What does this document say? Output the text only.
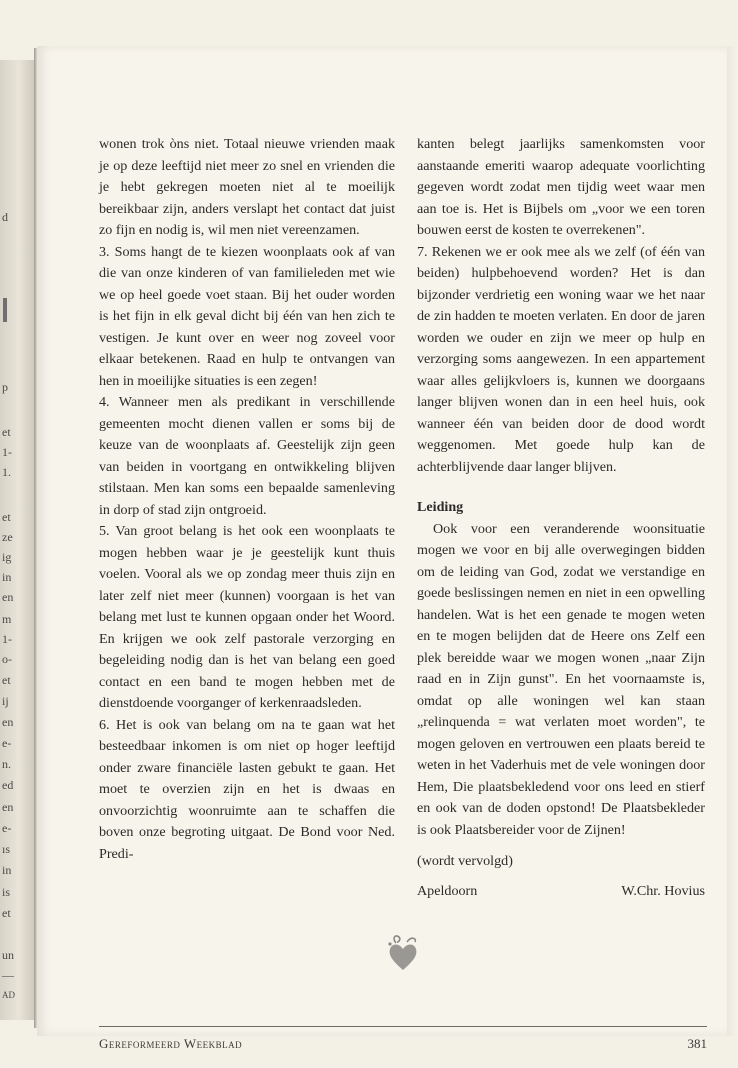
d
p
et
1-
1.
et
ze
ig
in
en
m
1-
o-
et
ij
en
e-
n.
ed
en
e-
ıs
in
is
et
un
—
AD

wonen trok òns niet. Totaal nieuwe vrienden maak je op deze leeftijd niet meer zo snel en vrienden die je hebt gekregen moeten niet al te moeilijk bereikbaar zijn, anders verslapt het contact dat juist zo fijn en nodig is, wil men niet vereenzamen.

3. Soms hangt de te kiezen woonplaats ook af van die van onze kinderen of van familieleden met wie we op heel goede voet staan. Bij het ouder worden is het fijn in elk geval dicht bij één van hen zich te vestigen. Je kunt over en weer nog zoveel voor elkaar betekenen. Raad en hulp te ontvangen van hen in moeilijke situaties is een zegen!

4. Wanneer men als predikant in verschillende gemeenten mocht dienen vallen er soms bij de keuze van de woonplaats af. Geestelijk zijn geen van beiden in voortgang en ontwikkeling blijven stilstaan. Men kan soms een bepaalde samenleving in dorp of stad zijn ontgroeid.

5. Van groot belang is het ook een woonplaats te mogen hebben waar je je geestelijk kunt thuis voelen. Vooral als we op zondag meer thuis zijn en later zelf niet meer (kunnen) voorgaan is het van belang met lust te kunnen opgaan onder het Woord. En krijgen we ook zelf pastorale verzorging en begeleiding nodig dan is het van belang een goed contact en een band te mogen hebben met de dienstdoende voorganger of kerkenraadsleden.

6. Het is ook van belang om na te gaan wat het besteedbaar inkomen is om niet op hoger leeftijd onder zware financiële lasten gebukt te gaan. Het moet te overzien zijn en het is dwaas en onvoorzichtig woonruimte aan te schaffen die boven onze begroting uitgaat. De Bond voor Ned. Predi-

kanten belegt jaarlijks samenkomsten voor aanstaande emeriti waarop adequate voorlichting gegeven wordt zodat men tijdig weet waar men aan toe is. Het is Bijbels om „voor we een toren bouwen eerst de kosten te overrekenen".

7. Rekenen we er ook mee als we zelf (of één van beiden) hulpbehoevend worden? Het is dan bijzonder verdrietig een woning waar we het naar de zin hadden te moeten verlaten. En door de jaren worden we ouder en zijn we meer op hulp en verzorging soms aangewezen. In een appartement waar alles gelijkvloers is, kunnen we doorgaans langer blijven wonen dan in een heel huis, ook wanneer één van beiden door de dood wordt weggenomen. Met goede hulp kan de achterblijvende daar langer blijven.

Leiding

Ook voor een veranderende woonsituatie mogen we voor en bij alle overwegingen bidden om de leiding van God, zodat we verstandige en goede beslissingen nemen en niet in een opwelling handelen. Wat is het een genade te mogen weten en te mogen belijden dat de Heere ons Zelf een plek bereidde waar we mogen wonen „naar Zijn raad en in Zijn gunst". En het voornaamste is, omdat op alle woningen wel kan staan „relinquenda = wat verlaten moet worden", te mogen geloven en vertrouwen een plaats bereid te weten in het Vaderhuis met de vele woningen door Hem, Die plaatsbekledend voor ons leed en stierf en ook van de doden opstond! De Plaatsbekleder is ook Plaatsbereider voor de Zijnen!

(wordt vervolgd)

Apeldoorn	W.Chr. Hovius
Gereformeerd Weekblad	381
